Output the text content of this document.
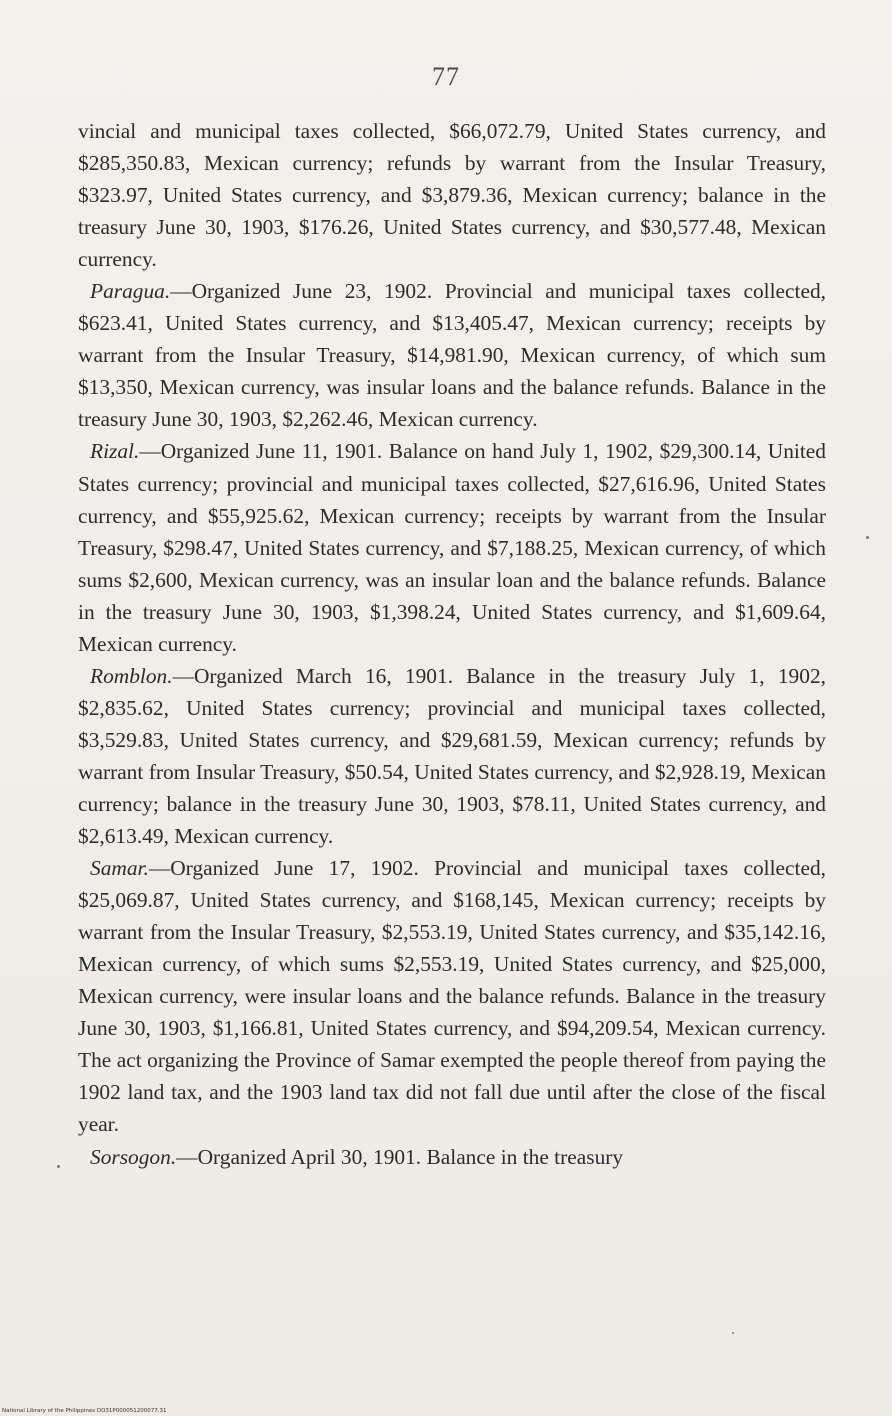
77

vincial and municipal taxes collected, $66,072.79, United States currency, and $285,350.83, Mexican currency; refunds by warrant from the Insular Treasury, $323.97, United States currency, and $3,879.36, Mexican currency; balance in the treasury June 30, 1903, $176.26, United States currency, and $30,577.48, Mexican currency.

Paragua.—Organized June 23, 1902. Provincial and municipal taxes collected, $623.41, United States currency, and $13,405.47, Mexican currency; receipts by warrant from the Insular Treasury, $14,981.90, Mexican currency, of which sum $13,350, Mexican currency, was insular loans and the balance refunds. Balance in the treasury June 30, 1903, $2,262.46, Mexican currency.

Rizal.—Organized June 11, 1901. Balance on hand July 1, 1902, $29,300.14, United States currency; provincial and municipal taxes collected, $27,616.96, United States currency, and $55,925.62, Mexican currency; receipts by warrant from the Insular Treasury, $298.47, United States currency, and $7,188.25, Mexican currency, of which sums $2,600, Mexican currency, was an insular loan and the balance refunds. Balance in the treasury June 30, 1903, $1,398.24, United States currency, and $1,609.64, Mexican currency.

Romblon.—Organized March 16, 1901. Balance in the treasury July 1, 1902, $2,835.62, United States currency; provincial and municipal taxes collected, $3,529.83, United States currency, and $29,681.59, Mexican currency; refunds by warrant from Insular Treasury, $50.54, United States currency, and $2,928.19, Mexican currency; balance in the treasury June 30, 1903, $78.11, United States currency, and $2,613.49, Mexican currency.

Samar.—Organized June 17, 1902. Provincial and municipal taxes collected, $25,069.87, United States currency, and $168,145, Mexican currency; receipts by warrant from the Insular Treasury, $2,553.19, United States currency, and $35,142.16, Mexican currency, of which sums $2,553.19, United States currency, and $25,000, Mexican currency, were insular loans and the balance refunds. Balance in the treasury June 30, 1903, $1,166.81, United States currency, and $94,209.54, Mexican currency. The act organizing the Province of Samar exempted the people thereof from paying the 1902 land tax, and the 1903 land tax did not fall due until after the close of the fiscal year.

Sorsogon.—Organized April 30, 1901. Balance in the treasury

National Library of the Philippines DO31P000051200077.31
